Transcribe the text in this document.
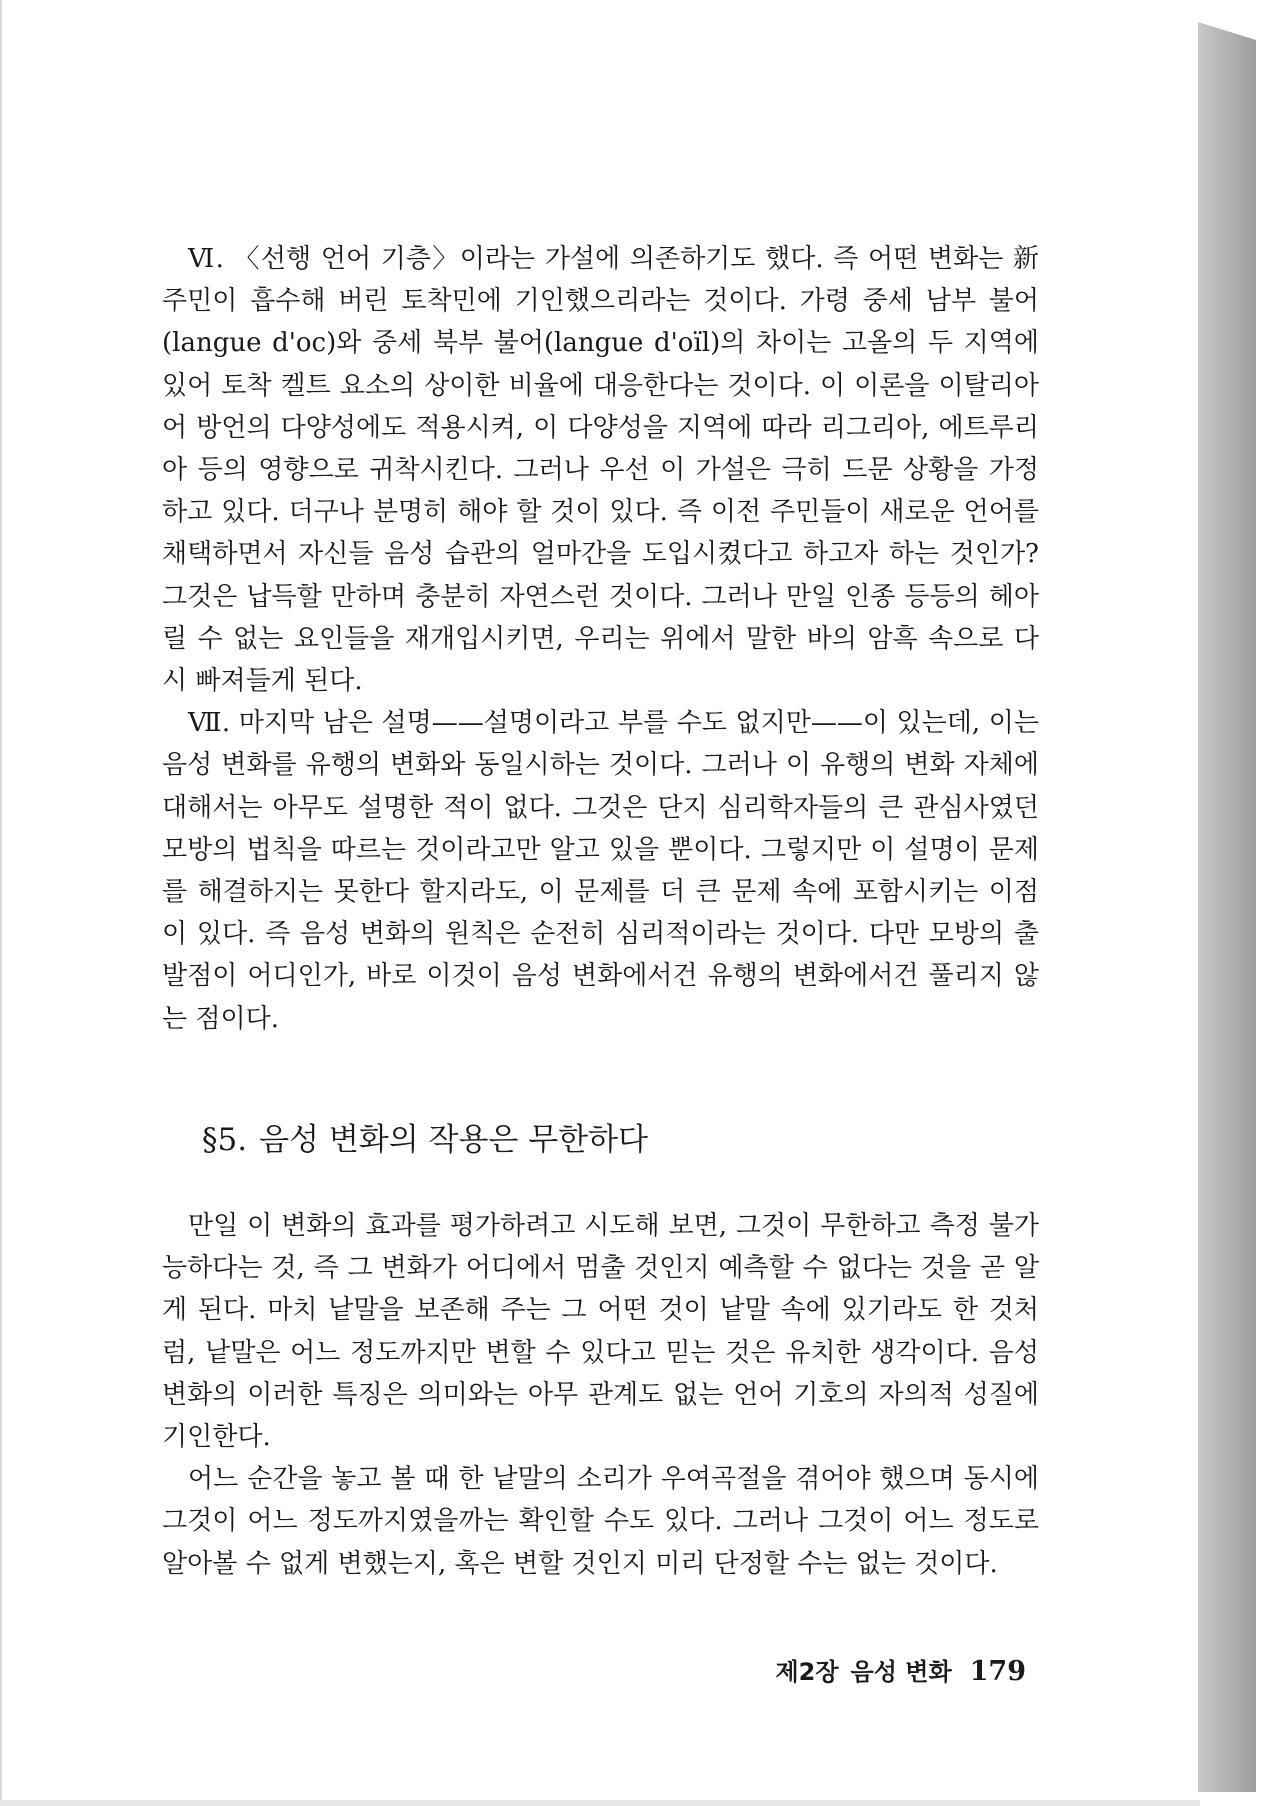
Ⅵ. 〈선행 언어 기층〉이라는 가설에 의존하기도 했다. 즉 어떤 변화는 新주민이 흡수해 버린 토착민에 기인했으리라는 것이다. 가령 중세 남부 불어(langue d'oc)와 중세 북부 불어(langue d'oïl)의 차이는 고올의 두 지역에 있어 토착 켈트 요소의 상이한 비율에 대응한다는 것이다. 이 이론을 이탈리아어 방언의 다양성에도 적용시켜, 이 다양성을 지역에 따라 리그리아, 에트루리아 등의 영향으로 귀착시킨다. 그러나 우선 이 가설은 극히 드문 상황을 가정하고 있다. 더구나 분명히 해야 할 것이 있다. 즉 이전 주민들이 새로운 언어를 채택하면서 자신들 음성 습관의 얼마간을 도입시켰다고 하고자 하는 것인가? 그것은 납득할 만하며 충분히 자연스런 것이다. 그러나 만일 인종 등등의 헤아릴 수 없는 요인들을 재개입시키면, 우리는 위에서 말한 바의 암흑 속으로 다시 빠져들게 된다.

Ⅶ. 마지막 남은 설명——설명이라고 부를 수도 없지만——이 있는데, 이는 음성 변화를 유행의 변화와 동일시하는 것이다. 그러나 이 유행의 변화 자체에 대해서는 아무도 설명한 적이 없다. 그것은 단지 심리학자들의 큰 관심사였던 모방의 법칙을 따르는 것이라고만 알고 있을 뿐이다. 그렇지만 이 설명이 문제를 해결하지는 못한다 할지라도, 이 문제를 더 큰 문제 속에 포함시키는 이점이 있다. 즉 음성 변화의 원칙은 순전히 심리적이라는 것이다. 다만 모방의 출발점이 어디인가, 바로 이것이 음성 변화에서건 유행의 변화에서건 풀리지 않는 점이다.

§5. 음성 변화의 작용은 무한하다

만일 이 변화의 효과를 평가하려고 시도해 보면, 그것이 무한하고 측정 불가능하다는 것, 즉 그 변화가 어디에서 멈출 것인지 예측할 수 없다는 것을 곧 알게 된다. 마치 낱말을 보존해 주는 그 어떤 것이 낱말 속에 있기라도 한 것처럼, 낱말은 어느 정도까지만 변할 수 있다고 믿는 것은 유치한 생각이다. 음성 변화의 이러한 특징은 의미와는 아무 관계도 없는 언어 기호의 자의적 성질에 기인한다.

어느 순간을 놓고 볼 때 한 낱말의 소리가 우여곡절을 겪어야 했으며 동시에 그것이 어느 정도까지였을까는 확인할 수도 있다. 그러나 그것이 어느 정도로 알아볼 수 없게 변했는지, 혹은 변할 것인지 미리 단정할 수는 없는 것이다.

제2장 음성 변화 179
